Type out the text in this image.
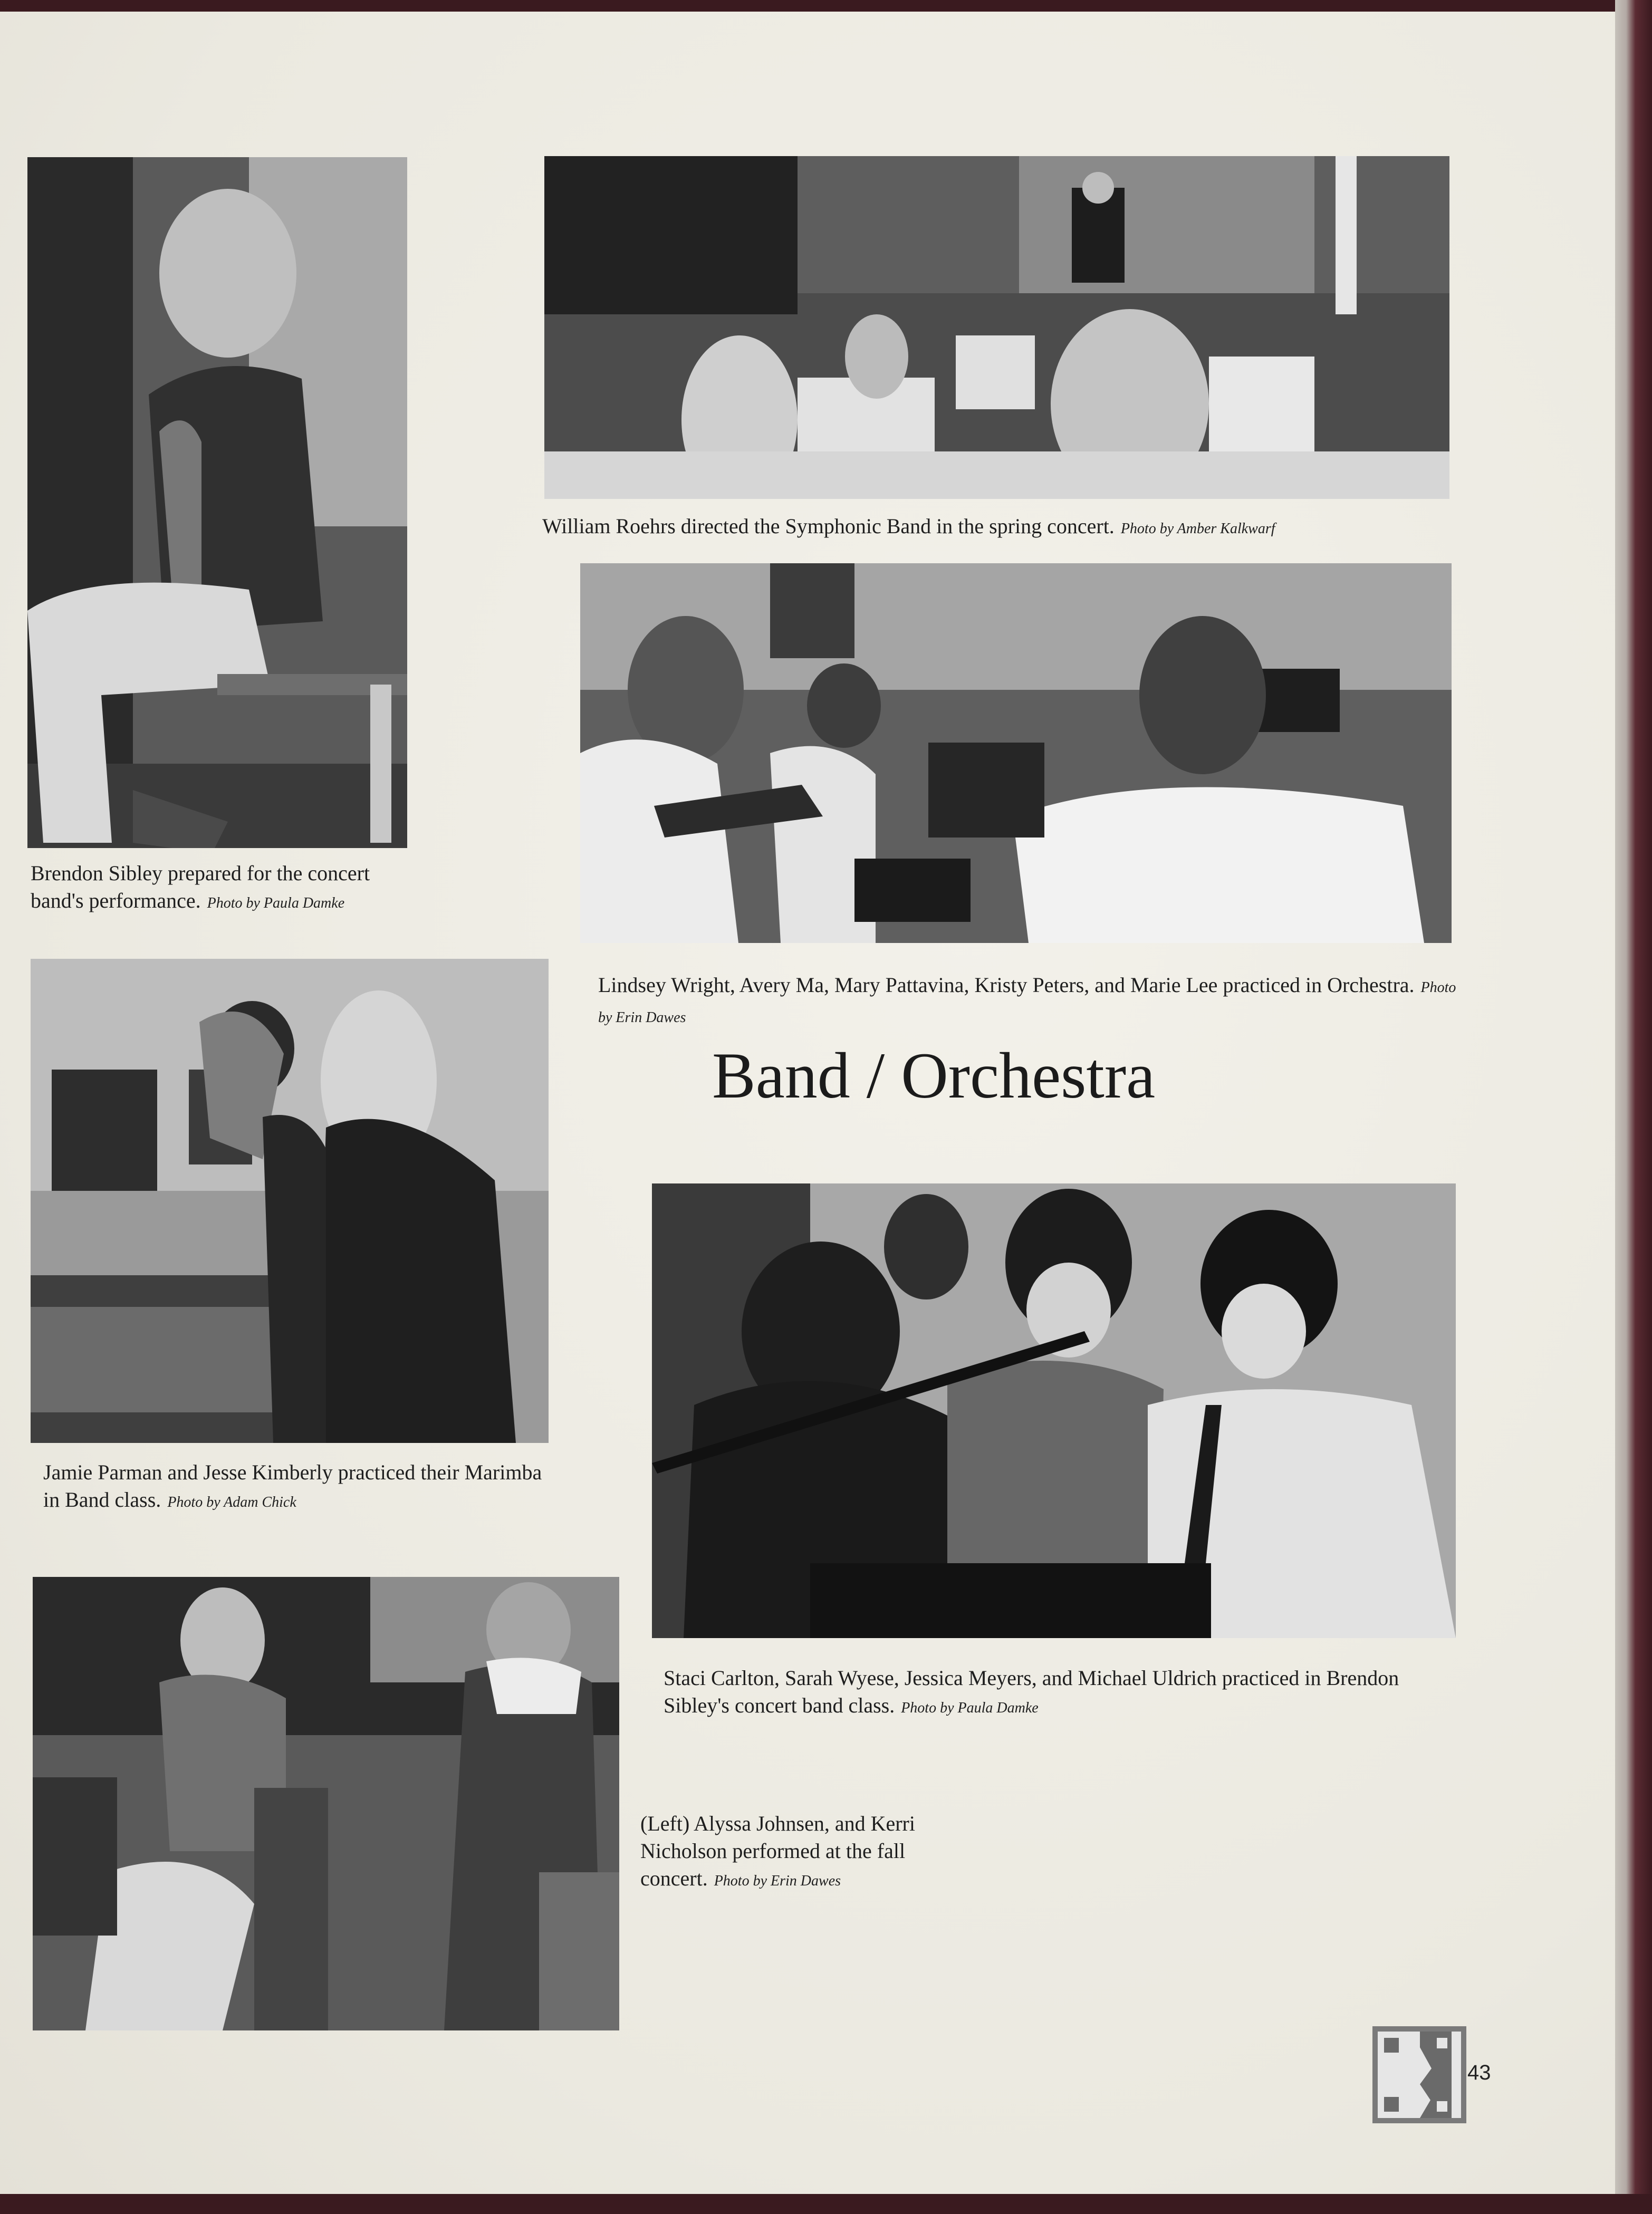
Brendon Sibley prepared for the concert band's performance. Photo by Paula Damke
William Roehrs directed the Symphonic Band in the spring concert. Photo by Amber Kalkwarf
Lindsey Wright, Avery Ma, Mary Pattavina, Kristy Peters, and Marie Lee practiced in Orchestra. Photo by Erin Dawes
Band / Orchestra
Jamie Parman and Jesse Kimberly practiced their Marimba in Band class. Photo by Adam Chick
Staci Carlton, Sarah Wyese, Jessica Meyers, and Michael Uldrich practiced in Brendon Sibley's concert band class. Photo by Paula Damke
(Left) Alyssa Johnsen, and Kerri Nicholson performed at the fall concert. Photo by Erin Dawes
43
